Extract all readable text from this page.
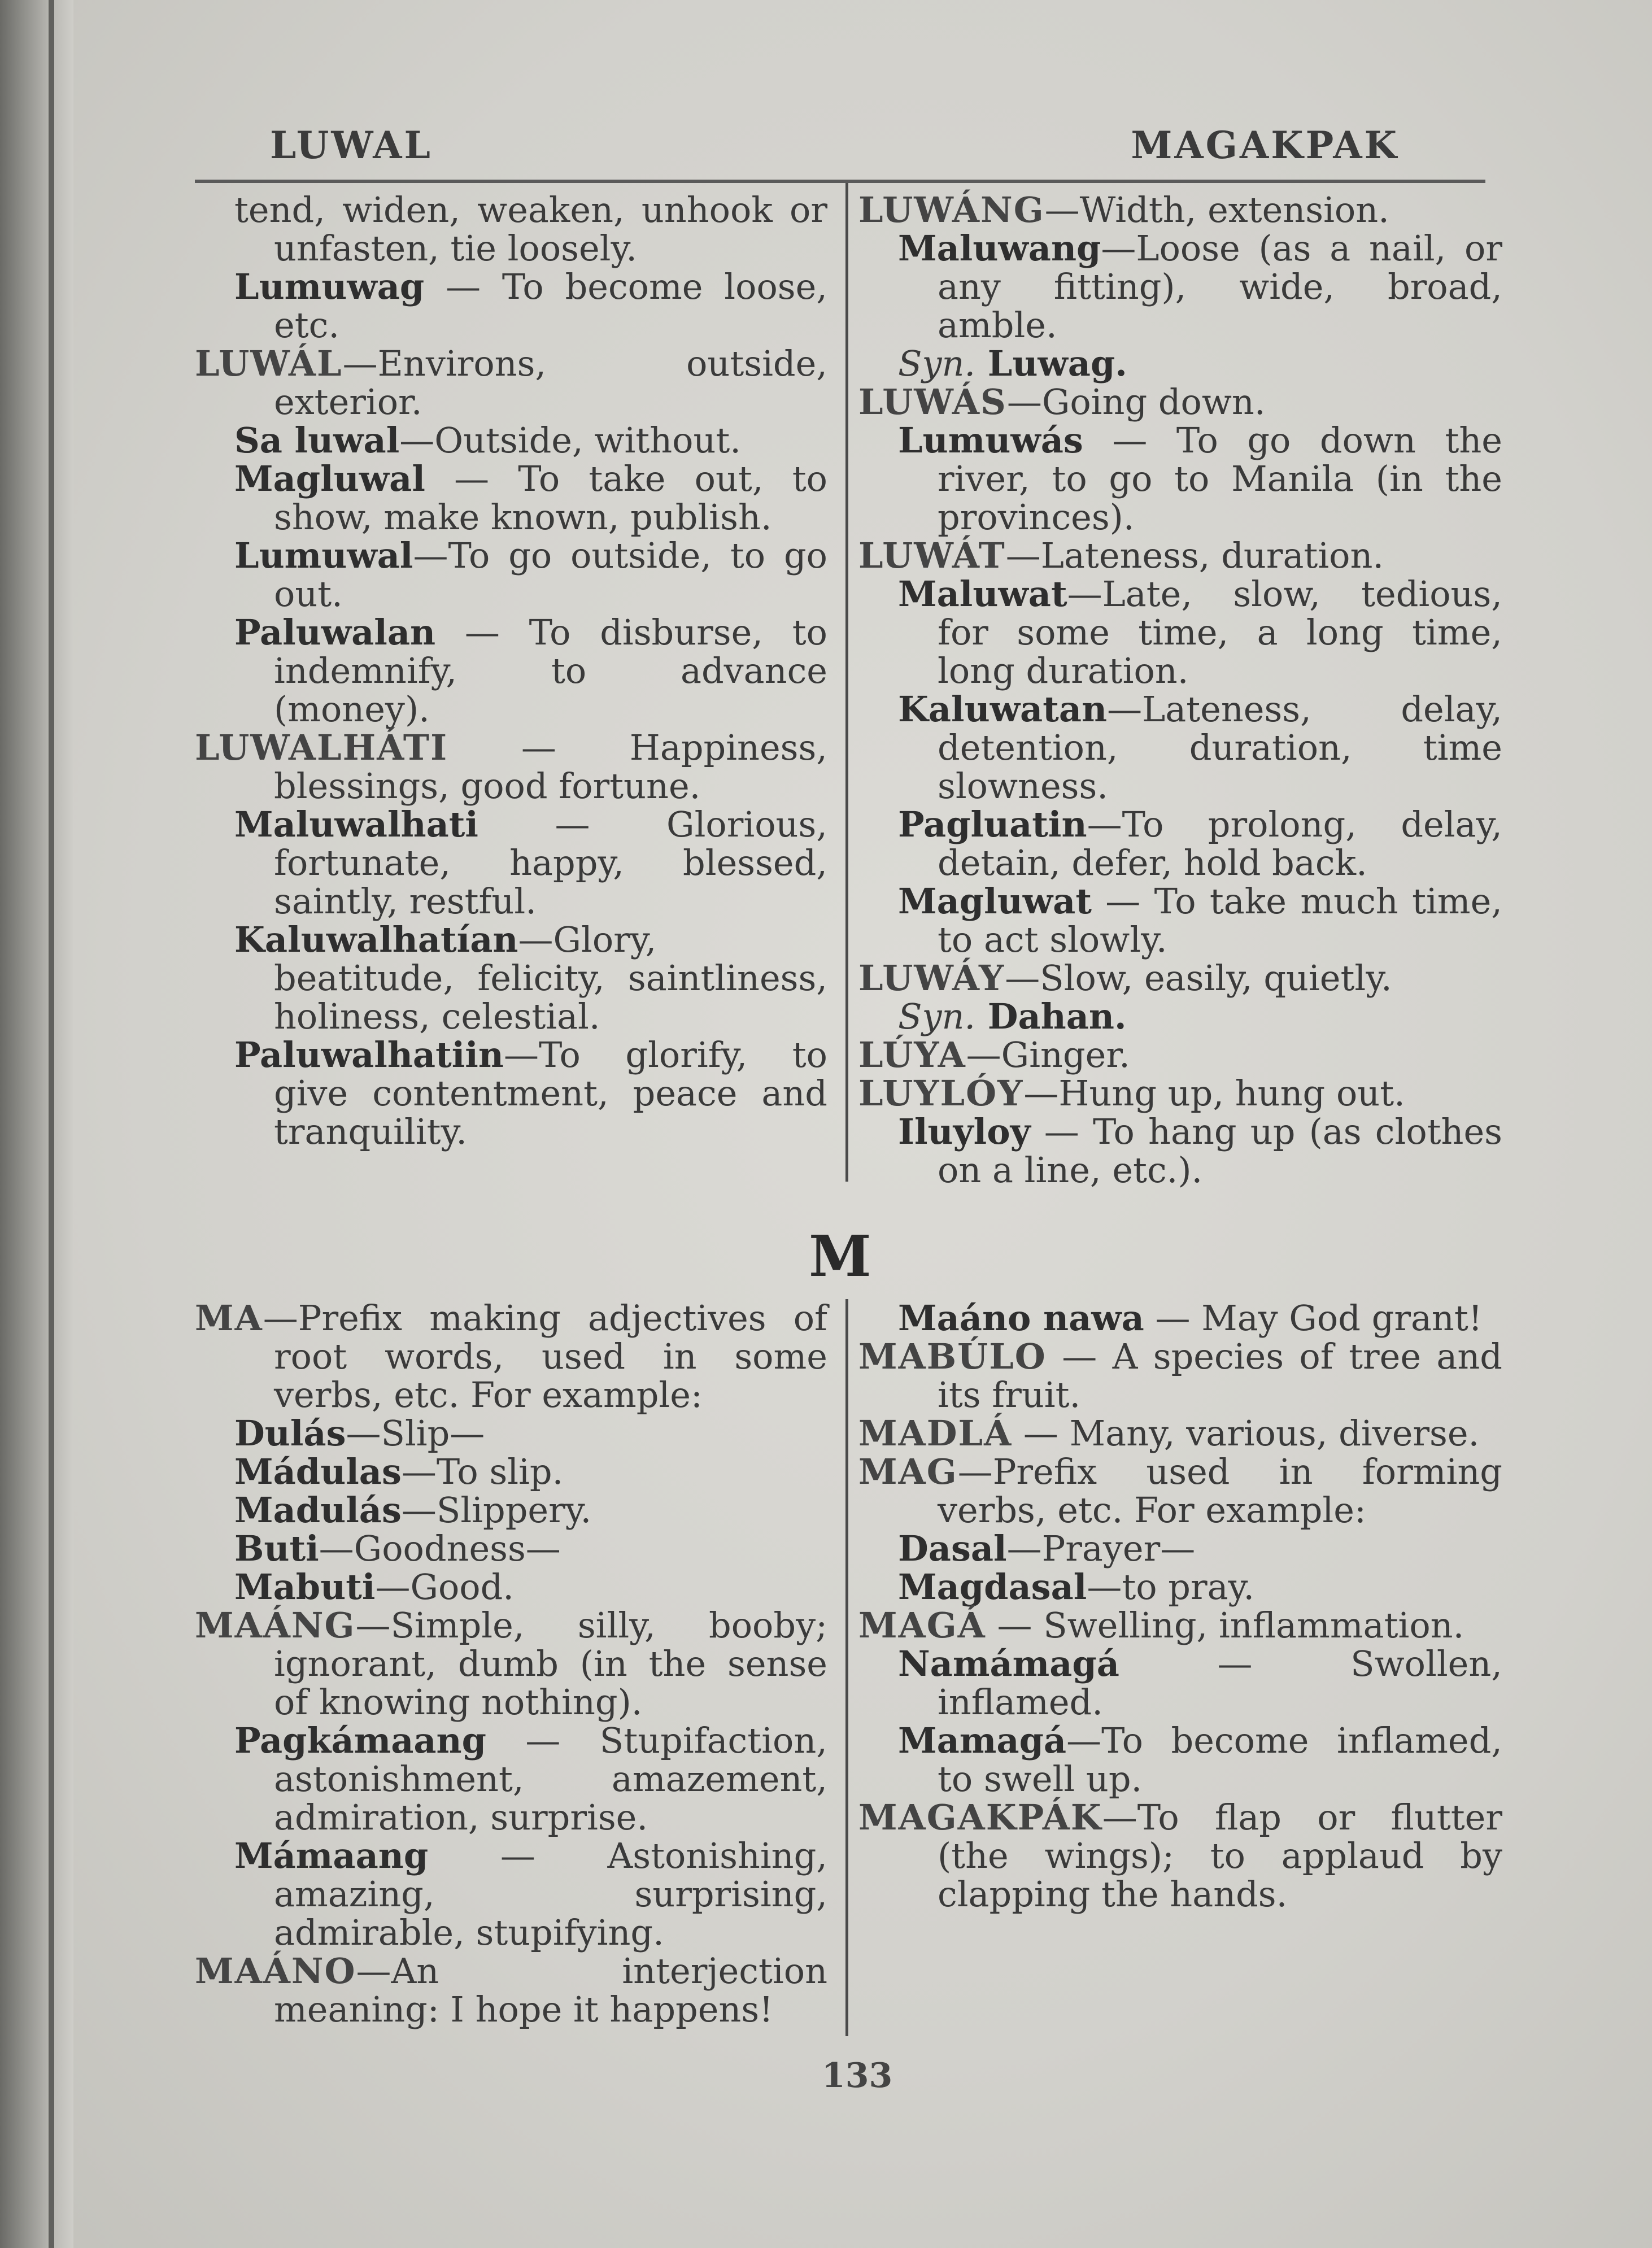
LUWAL	MAGAKPAK

tend, widen, weaken, unhook or unfasten, tie loosely.

Lumuwag — To become loose, etc.

LUWÁL—Environs, outside, exterior.

Sa luwal—Outside, without.

Magluwal — To take out, to show, make known, publish.

Lumuwal—To go outside, to go out.

Paluwalan — To disburse, to indemnify, to advance (money).

LUWALHÁTI — Happiness, blessings, good fortune.

Maluwalhati — Glorious, fortunate, happy, blessed, saintly, restful.

Kaluwalhatían—Glory, beatitude, felicity, saintliness, holiness, celestial.

Paluwalhatiin—To glorify, to give contentment, peace and tranquility.

LUWÁNG—Width, extension.

Maluwang—Loose (as a nail, or any fitting), wide, broad, amble.

Syn. Luwag.

LUWÁS—Going down.

Lumuwás — To go down the river, to go to Manila (in the provinces).

LUWÁT—Lateness, duration.

Maluwat—Late, slow, tedious, for some time, a long time, long duration.

Kaluwatan—Lateness, delay, detention, duration, time slowness.

Pagluatin—To prolong, delay, detain, defer, hold back.

Magluwat — To take much time, to act slowly.

LUWÁY—Slow, easily, quietly.

Syn. Dahan.

LÚYA—Ginger.

LUYLÓY—Hung up, hung out.

Iluyloy — To hang up (as clothes on a line, etc.).

M

MA—Prefix making adjectives of root words, used in some verbs, etc. For example:

Dulás—Slip—

Mádulas—To slip.

Madulás—Slippery.

Buti—Goodness—

Mabuti—Good.

MAÁNG—Simple, silly, booby; ignorant, dumb (in the sense of knowing nothing).

Pagkámaang — Stupifaction, astonishment, amazement, admiration, surprise.

Mámaang — Astonishing, amazing, surprising, admirable, stupifying.

MAÁNO—An interjection meaning: I hope it happens!

Maáno nawa — May God grant!

MABÚLO — A species of tree and its fruit.

MADLÁ — Many, various, diverse.

MAG—Prefix used in forming verbs, etc. For example:

Dasal—Prayer—

Magdasal—to pray.

MAGÁ — Swelling, inflammation.

Namámagá — Swollen, inflamed.

Mamagá—To become inflamed, to swell up.

MAGAKPÁK—To flap or flutter (the wings); to applaud by clapping the hands.

133
